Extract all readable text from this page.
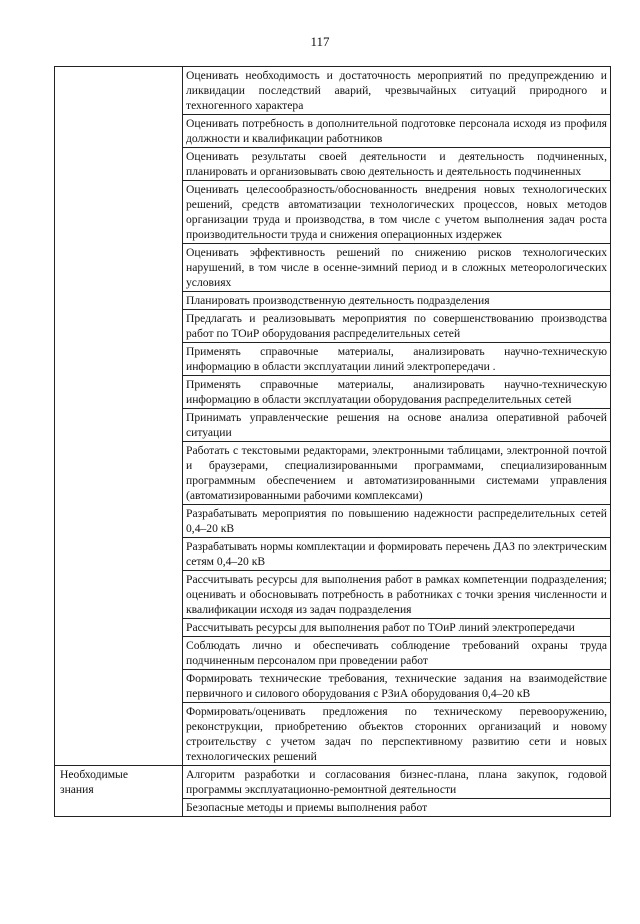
117
	Оценивать необходимость и достаточность мероприятий по предупреждению и ликвидации последствий аварий, чрезвычайных ситуаций природного и техногенного характера
	Оценивать потребность в дополнительной подготовке персонала исходя из профиля должности и квалификации работников
	Оценивать результаты своей деятельности и деятельность подчиненных, планировать и организовывать свою деятельность и деятельность подчиненных
	Оценивать целесообразность/обоснованность внедрения новых технологических решений, средств автоматизации технологических процессов, новых методов организации труда и производства, в том числе с учетом выполнения задач роста производительности труда и снижения операционных издержек
	Оценивать эффективность решений по снижению рисков технологических нарушений, в том числе в осенне-зимний период и в сложных метеорологических условиях
	Планировать производственную деятельность подразделения
	Предлагать и реализовывать мероприятия по совершенствованию производства работ по ТОиР оборудования распределительных сетей
	Применять справочные материалы, анализировать научно-техническую информацию в области эксплуатации линий электропередачи .
	Применять справочные материалы, анализировать научно-техническую информацию в области эксплуатации оборудования распределительных сетей
	Принимать управленческие решения на основе анализа оперативной рабочей ситуации
	Работать с текстовыми редакторами, электронными таблицами, электронной почтой и браузерами, специализированными программами, специализированным программным обеспечением и автоматизированными системами управления (автоматизированными рабочими комплексами)
	Разрабатывать мероприятия по повышению надежности распределительных сетей 0,4–20 кВ
	Разрабатывать нормы комплектации и формировать перечень ДАЗ по электрическим сетям 0,4–20 кВ
	Рассчитывать ресурсы для выполнения работ в рамках компетенции подразделения; оценивать и обосновывать потребность в работниках с точки зрения численности и квалификации исходя из задач подразделения
	Рассчитывать ресурсы для выполнения работ по ТОиР линий электропередачи
	Соблюдать лично и обеспечивать соблюдение требований охраны труда подчиненным персоналом при проведении работ
	Формировать технические требования, технические задания на взаимодействие первичного и силового оборудования с РЗиА оборудования 0,4–20 кВ
	Формировать/оценивать предложения по техническому перевооружению, реконструкции, приобретению объектов сторонних организаций и новому строительству с учетом задач по перспективному развитию сети и новых технологических решений

Необходимые
знания	Алгоритм разработки и согласования бизнес-плана, плана закупок, годовой программы эксплуатационно-ремонтной деятельности
	Безопасные методы и приемы выполнения работ
